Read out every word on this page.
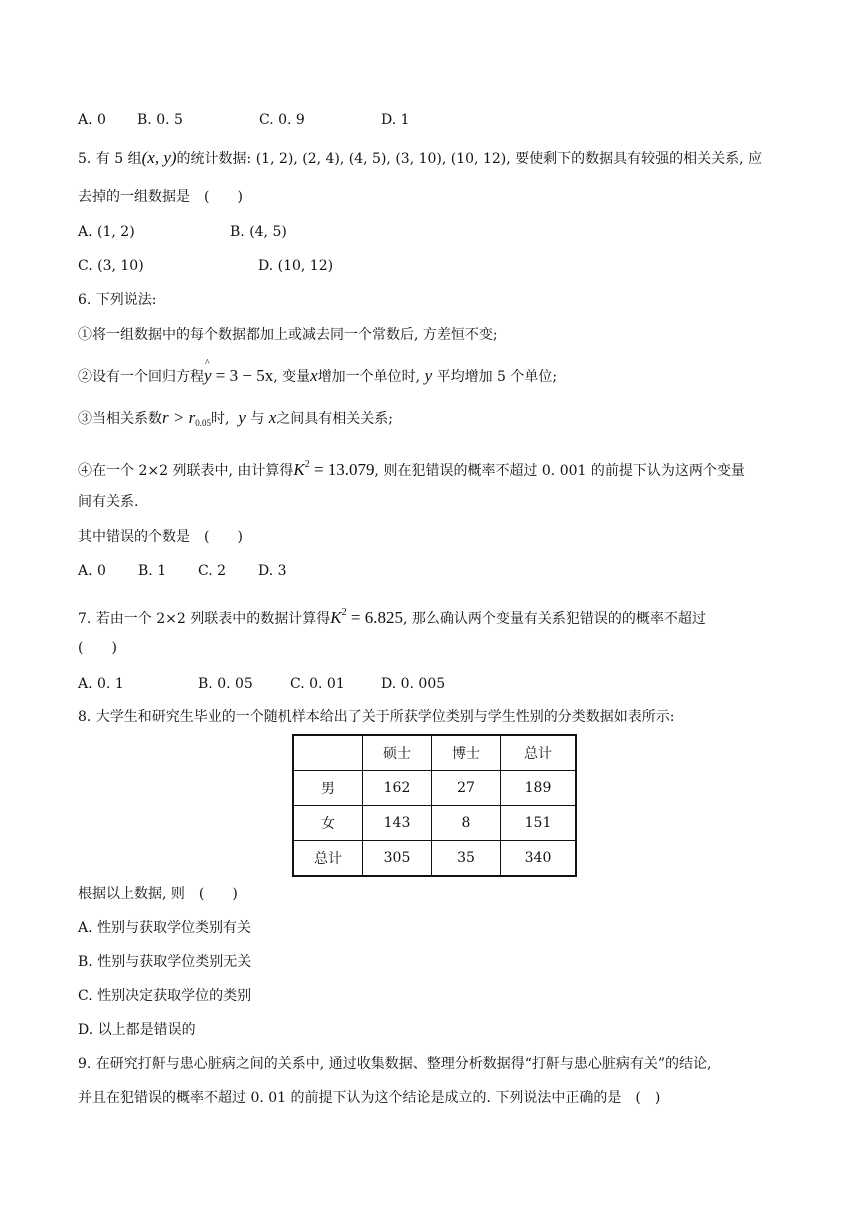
A. 0 B. 0. 5	C. 0. 9	D. 1
5. 有 5 组(x, y)的统计数据: (1, 2), (2, 4), (4, 5), (3, 10), (10, 12), 要使剩下的数据具有较强的相关关系, 应
去掉的一组数据是　(　　)
A. (1, 2)	B. (4, 5)
C. (3, 10)	D. (10, 12)
6. 下列说法:
①将一组数据中的每个数据都加上或减去同一个常数后, 方差恒不变;
②设有一个回归方程^ y = 3 − 5x, 变量x增加一个单位时, y 平均增加 5 个单位;
③当相关系数$r > r_{0.05}$时, y 与 x之间具有相关关系;
④在一个 2×2 列联表中, 由计算得$K^2 = 13.079$, 则在犯错误的概率不超过 0. 001 的前提下认为这两个变量
间有关系.
其中错误的个数是　(　　)
A. 0 B. 1 C. 2 D. 3
7. 若由一个 2×2 列联表中的数据计算得$K^2 = 6.825$, 那么确认两个变量有关系犯错误的的概率不超过
(　　)
A. 0. 1	B. 0. 05	C. 0. 01	D. 0. 005
8. 大学生和研究生毕业的一个随机样本给出了关于所获学位类别与学生性别的分类数据如表所示:
	硕士	博士	总计
男	162	27	189
女	143	8	151
总计	305	35	340
根据以上数据, 则　(　　)
A. 性别与获取学位类别有关
B. 性别与获取学位类别无关
C. 性别决定获取学位的类别
D. 以上都是错误的
9. 在研究打鼾与患心脏病之间的关系中, 通过收集数据、整理分析数据得“打鼾与患心脏病有关”的结论,
并且在犯错误的概率不超过 0. 01 的前提下认为这个结论是成立的. 下列说法中正确的是　(　)
